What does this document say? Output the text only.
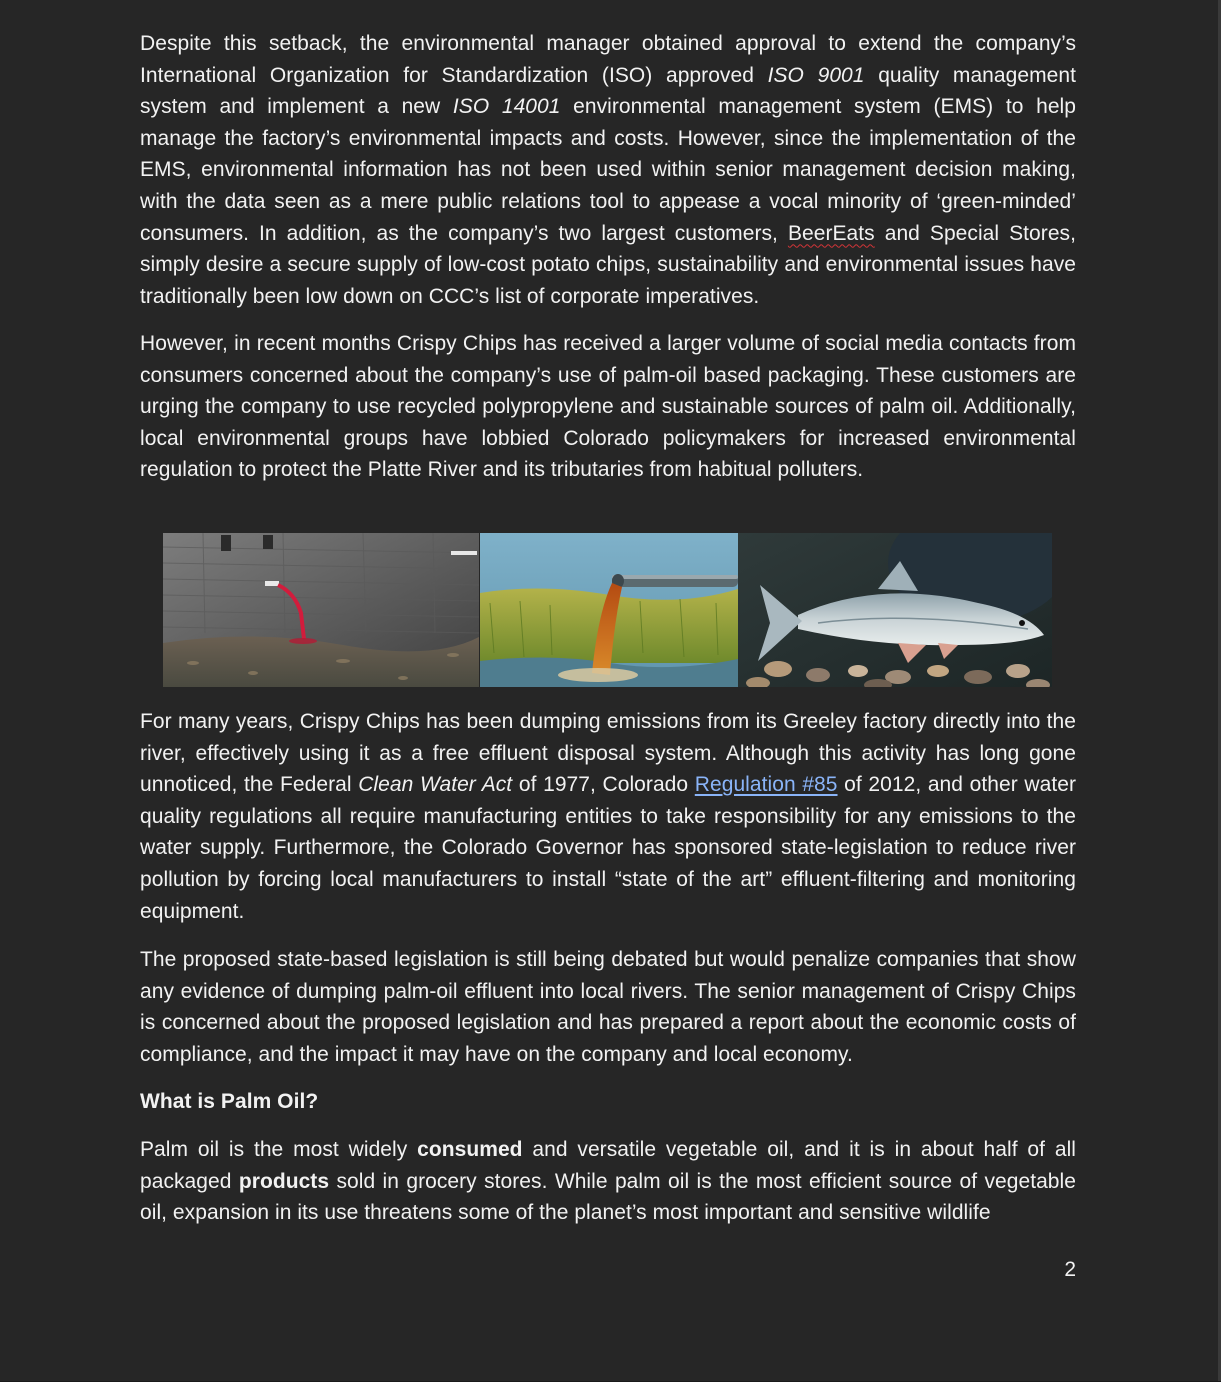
Despite this setback, the environmental manager obtained approval to extend the company’s International Organization for Standardization (ISO) approved ISO 9001 quality management system and implement a new ISO 14001 environmental management system (EMS) to help manage the factory’s environmental impacts and costs. However, since the implementation of the EMS, environmental information has not been used within senior management decision making, with the data seen as a mere public relations tool to appease a vocal minority of ‘green-minded’ consumers. In addition, as the company’s two largest customers, BeerEats and Special Stores, simply desire a secure supply of low-cost potato chips, sustainability and environmental issues have traditionally been low down on CCC’s list of corporate imperatives.

However, in recent months Crispy Chips has received a larger volume of social media contacts from consumers concerned about the company’s use of palm-oil based packaging. These customers are urging the company to use recycled polypropylene and sustainable sources of palm oil. Additionally, local environmental groups have lobbied Colorado policymakers for increased environmental regulation to protect the Platte River and its tributaries from habitual polluters.

For many years, Crispy Chips has been dumping emissions from its Greeley factory directly into the river, effectively using it as a free effluent disposal system. Although this activity has long gone unnoticed, the Federal Clean Water Act of 1977, Colorado Regulation #85 of 2012, and other water quality regulations all require manufacturing entities to take responsibility for any emissions to the water supply. Furthermore, the Colorado Governor has sponsored state-legislation to reduce river pollution by forcing local manufacturers to install “state of the art” effluent-filtering and monitoring equipment.

The proposed state-based legislation is still being debated but would penalize companies that show any evidence of dumping palm-oil effluent into local rivers. The senior management of Crispy Chips is concerned about the proposed legislation and has prepared a report about the economic costs of compliance, and the impact it may have on the company and local economy.

What is Palm Oil?

Palm oil is the most widely consumed and versatile vegetable oil, and it is in about half of all packaged products sold in grocery stores. While palm oil is the most efficient source of vegetable oil, expansion in its use threatens some of the planet’s most important and sensitive wildlife

2
